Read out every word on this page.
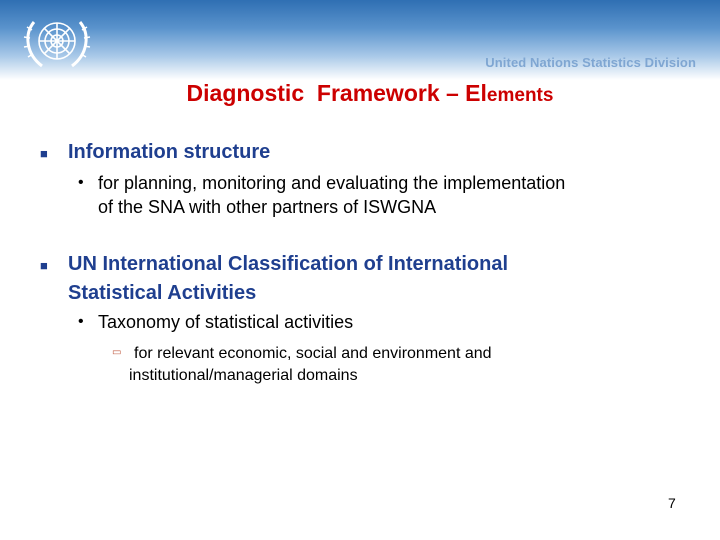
United Nations Statistics Division
Diagnostic  Framework – Elements
■ Information structure
• for planning, monitoring and evaluating the implementation
of the SNA with other partners of ISWGNA
■ UN International Classification of International
Statistical Activities
• Taxonomy of statistical activities
▭ for relevant economic, social and environment and
institutional/managerial domains
7
